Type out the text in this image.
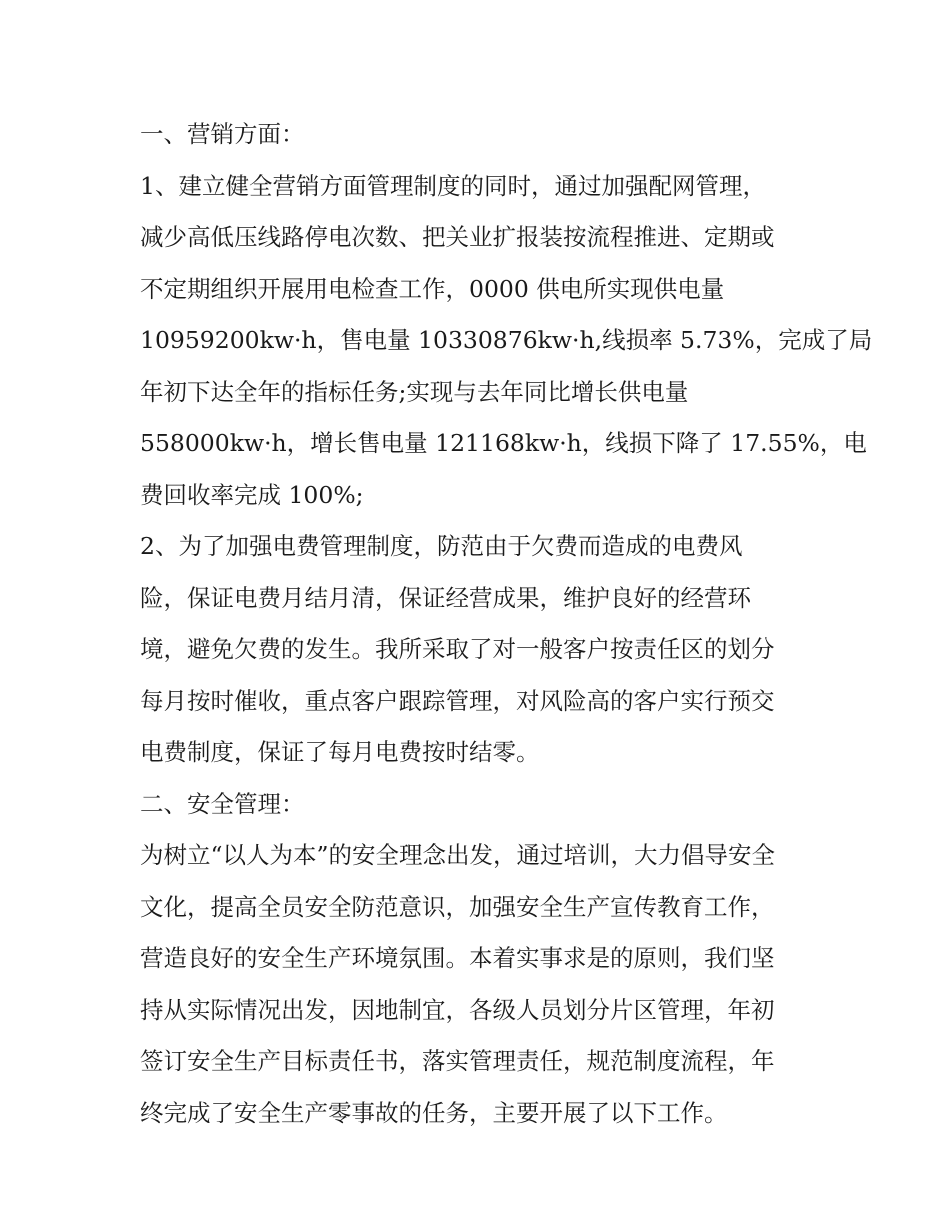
一、营销方面：
1、建立健全营销方面管理制度的同时，通过加强配网管理，
减少高低压线路停电次数、把关业扩报装按流程推进、定期或
不定期组织开展用电检查工作，0000 供电所实现供电量
10959200kw·h，售电量 10330876kw·h,线损率 5.73%，完成了局
年初下达全年的指标任务;实现与去年同比增长供电量
558000kw·h，增长售电量 121168kw·h，线损下降了 17.55%，电
费回收率完成 100%;
2、为了加强电费管理制度，防范由于欠费而造成的电费风
险，保证电费月结月清，保证经营成果，维护良好的经营环
境，避免欠费的发生。我所采取了对一般客户按责任区的划分
每月按时催收，重点客户跟踪管理，对风险高的客户实行预交
电费制度，保证了每月电费按时结零。
二、安全管理：
为树立“以人为本”的安全理念出发，通过培训，大力倡导安全
文化，提高全员安全防范意识，加强安全生产宣传教育工作，
营造良好的安全生产环境氛围。本着实事求是的原则，我们坚
持从实际情况出发，因地制宜，各级人员划分片区管理，年初
签订安全生产目标责任书，落实管理责任，规范制度流程，年
终完成了安全生产零事故的任务，主要开展了以下工作。
